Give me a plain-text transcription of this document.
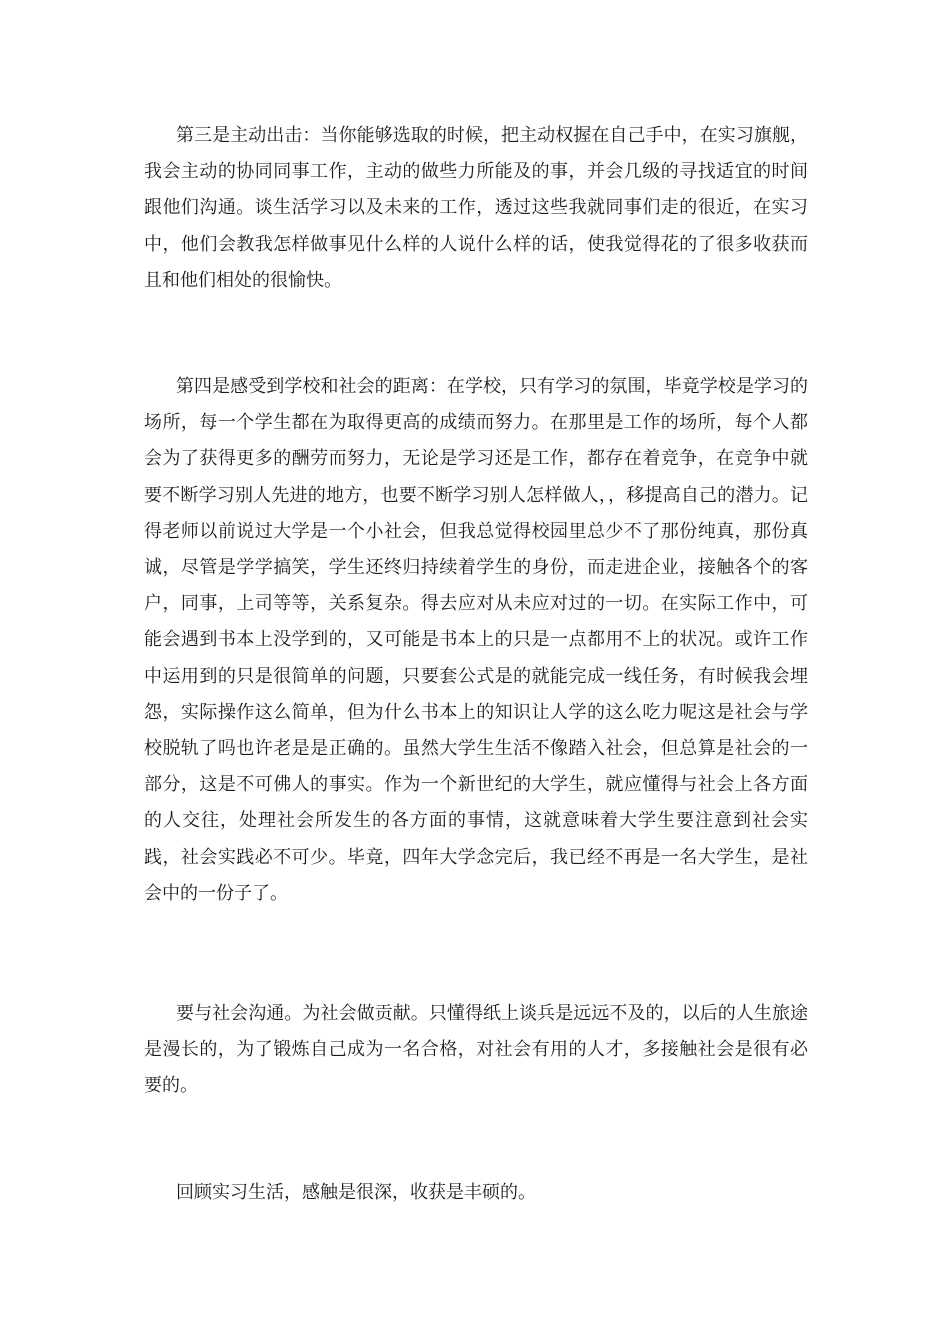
第三是主动出击：当你能够选取的时候，把主动权握在自己手中，在实习旗舰，我会主动的协同同事工作，主动的做些力所能及的事，并会几级的寻找适宜的时间跟他们沟通。谈生活学习以及未来的工作，透过这些我就同事们走的很近，在实习中，他们会教我怎样做事见什么样的人说什么样的话，使我觉得花的了很多收获而且和他们相处的很愉快。

第四是感受到学校和社会的距离：在学校，只有学习的氛围，毕竟学校是学习的场所，每一个学生都在为取得更高的成绩而努力。在那里是工作的场所，每个人都会为了获得更多的酬劳而努力，无论是学习还是工作，都存在着竞争，在竞争中就要不断学习别人先进的地方，也要不断学习别人怎样做人，，移提高自己的潜力。记得老师以前说过大学是一个小社会，但我总觉得校园里总少不了那份纯真，那份真诚，尽管是学学搞笑，学生还终归持续着学生的身份，而走进企业，接触各个的客户，同事，上司等等，关系复杂。得去应对从未应对过的一切。在实际工作中，可能会遇到书本上没学到的，又可能是书本上的只是一点都用不上的状况。或许工作中运用到的只是很简单的问题，只要套公式是的就能完成一线任务，有时候我会埋怨，实际操作这么简单，但为什么书本上的知识让人学的这么吃力呢这是社会与学校脱轨了吗也许老是是正确的。虽然大学生生活不像踏入社会，但总算是社会的一部分，这是不可佛人的事实。作为一个新世纪的大学生，就应懂得与社会上各方面的人交往，处理社会所发生的各方面的事情，这就意味着大学生要注意到社会实践，社会实践必不可少。毕竟，四年大学念完后，我已经不再是一名大学生，是社会中的一份子了。

要与社会沟通。为社会做贡献。只懂得纸上谈兵是远远不及的，以后的人生旅途是漫长的，为了锻炼自己成为一名合格，对社会有用的人才，多接触社会是很有必要的。

回顾实习生活，感触是很深，收获是丰硕的。
